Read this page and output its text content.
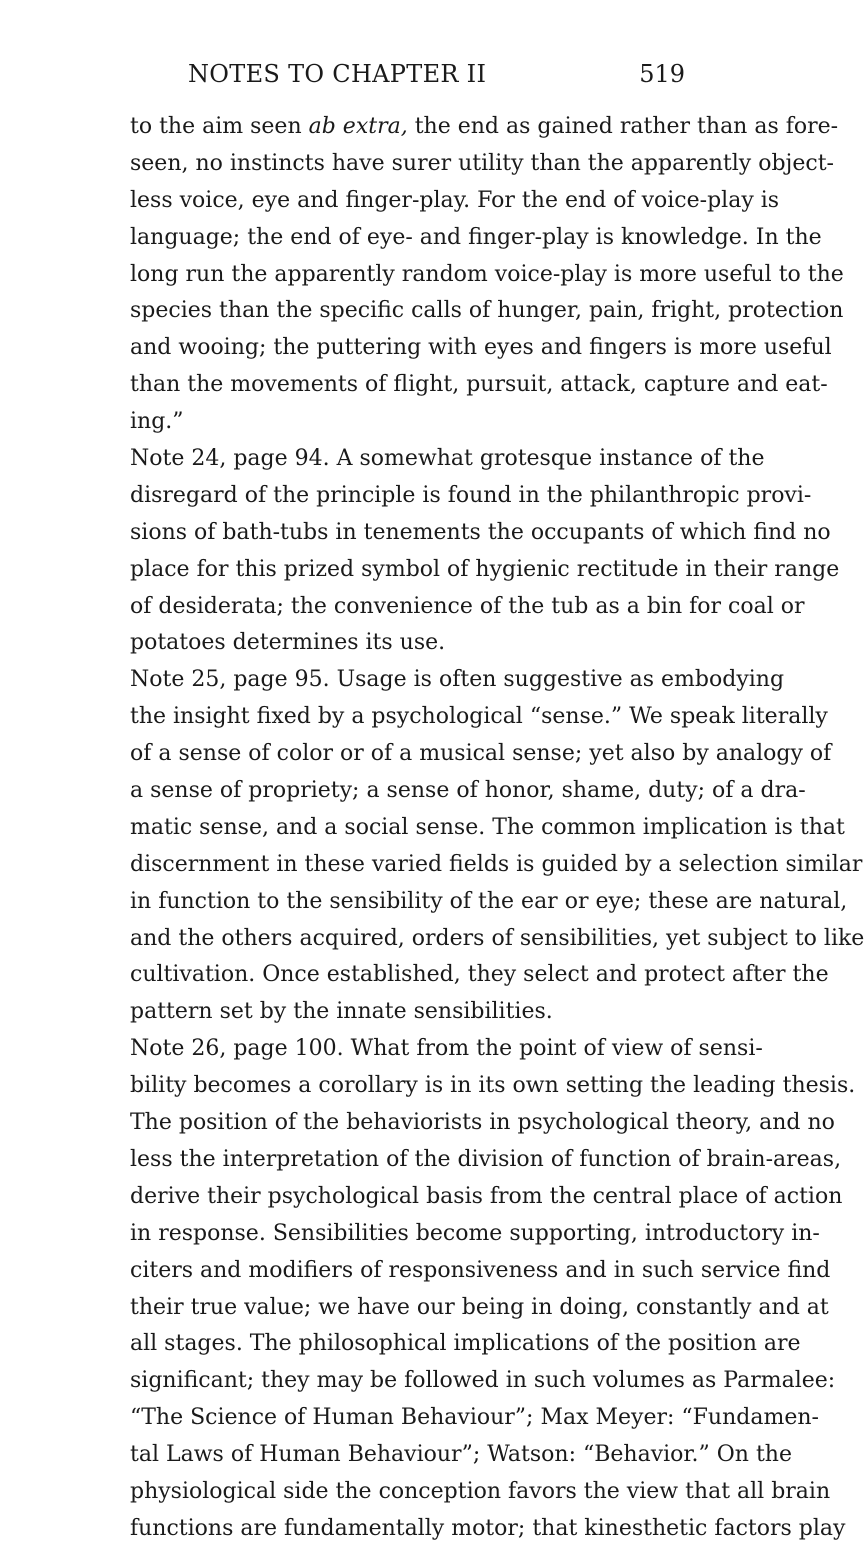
NOTES TO CHAPTER II	519
to the aim seen ab extra, the end as gained rather than as fore-
seen, no instincts have surer utility than the apparently object-
less voice, eye and finger-play. For the end of voice-play is
language; the end of eye- and finger-play is knowledge. In the
long run the apparently random voice-play is more useful to the
species than the specific calls of hunger, pain, fright, protection
and wooing; the puttering with eyes and fingers is more useful
than the movements of flight, pursuit, attack, capture and eat-
ing.”
Note 24, page 94. A somewhat grotesque instance of the
disregard of the principle is found in the philanthropic provi-
sions of bath-tubs in tenements the occupants of which find no
place for this prized symbol of hygienic rectitude in their range
of desiderata; the convenience of the tub as a bin for coal or
potatoes determines its use.
Note 25, page 95. Usage is often suggestive as embodying
the insight fixed by a psychological “sense.” We speak literally
of a sense of color or of a musical sense; yet also by analogy of
a sense of propriety; a sense of honor, shame, duty; of a dra-
matic sense, and a social sense. The common implication is that
discernment in these varied fields is guided by a selection similar
in function to the sensibility of the ear or eye; these are natural,
and the others acquired, orders of sensibilities, yet subject to like
cultivation. Once established, they select and protect after the
pattern set by the innate sensibilities.
Note 26, page 100. What from the point of view of sensi-
bility becomes a corollary is in its own setting the leading thesis.
The position of the behaviorists in psychological theory, and no
less the interpretation of the division of function of brain-areas,
derive their psychological basis from the central place of action
in response. Sensibilities become supporting, introductory in-
citers and modifiers of responsiveness and in such service find
their true value; we have our being in doing, constantly and at
all stages. The philosophical implications of the position are
significant; they may be followed in such volumes as Parmalee:
“The Science of Human Behaviour”; Max Meyer: “Fundamen-
tal Laws of Human Behaviour”; Watson: “Behavior.” On the
physiological side the conception favors the view that all brain
functions are fundamentally motor; that kinesthetic factors play
